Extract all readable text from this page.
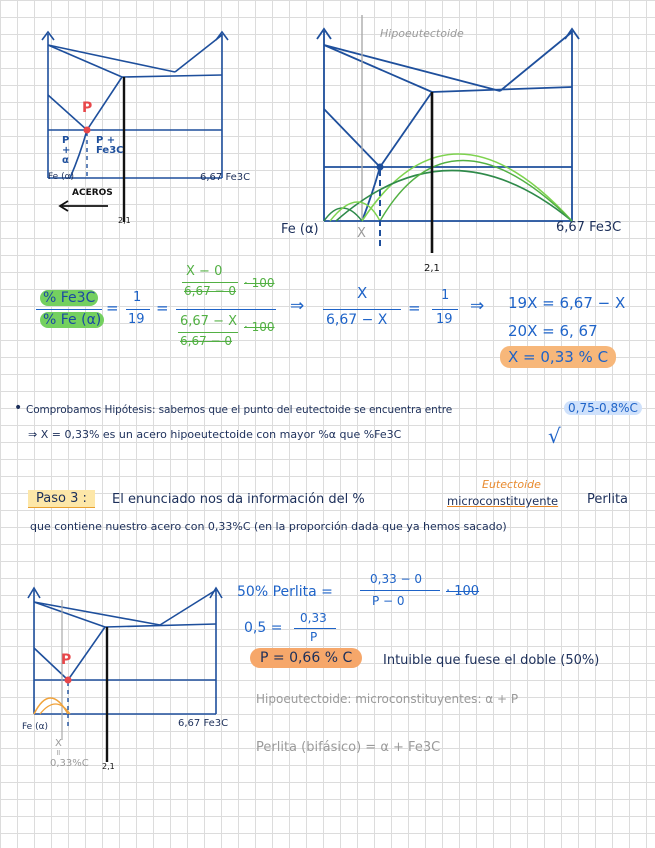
P
P + α
P + Fe3C
Fe (α)	6,67 Fe3C
ACEROS
2,1
Hipoeutectoide
Fe (α)	X	6,67 Fe3C
2,1
% Fe3C
% Fe (α)
=
1
19
=
X − 0
6,67 − 0
· 100
6,67 − X
6,67 − 0
· 100
⇒
X
6,67 − X
=
1
19
⇒ 19X = 6,67 − X
20X = 6, 67
X = 0,33 % C
• Comprobamos Hipótesis: sabemos que el punto del eutectoide se encuentra entre	0,75-0,8%C
⇒ X = 0,33% es un acero hipoeutectoide con mayor %α que %Fe3C	√
Eutectoide
Paso 3 :	El enunciado nos da información del %	microconstituyente Perlita
que contiene nuestro acero con 0,33%C (en la proporción dada que ya hemos sacado)
P
Fe (α)	6,67 Fe3C
X
=
0,33%C 2,1
50% Perlita =
0,33 − 0
P − 0
· 100
0,5 =
0,33
P
P = 0,66 % C	Intuible que fuese el doble (50%)
Hipoeutectoide: microconstituyentes: α + P
Perlita (bifásico) = α + Fe3C
